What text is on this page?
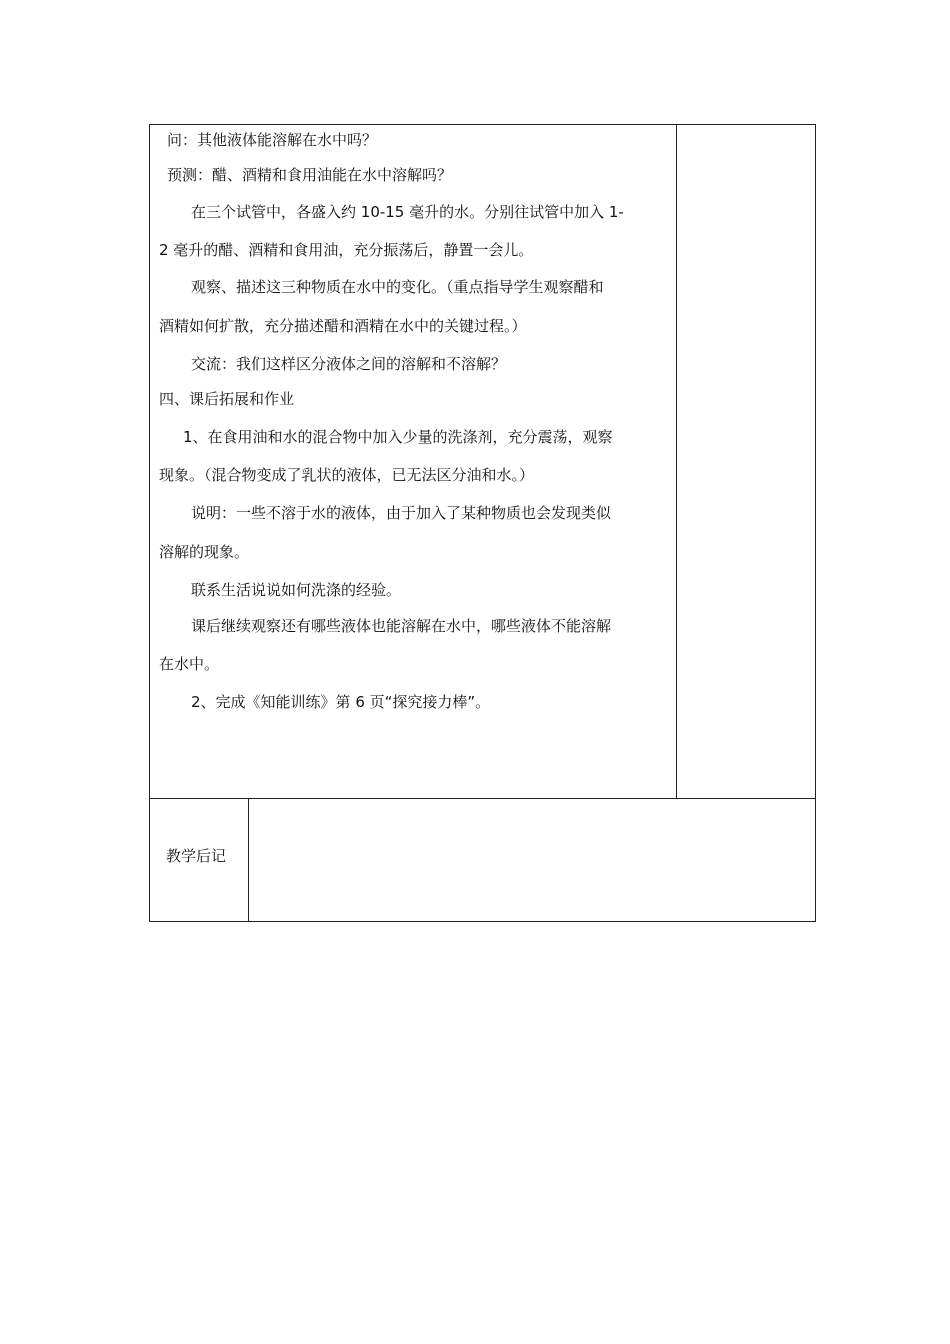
问：其他液体能溶解在水中吗？
预测：醋、酒精和食用油能在水中溶解吗？
在三个试管中，各盛入约 10-15 毫升的水。分别往试管中加入 1-
2 毫升的醋、酒精和食用油，充分振荡后，静置一会儿。
观察、描述这三种物质在水中的变化。（重点指导学生观察醋和
酒精如何扩散，充分描述醋和酒精在水中的关键过程。）
交流：我们这样区分液体之间的溶解和不溶解？
四、课后拓展和作业
1、在食用油和水的混合物中加入少量的洗涤剂，充分震荡，观察
现象。（混合物变成了乳状的液体，已无法区分油和水。）
说明：一些不溶于水的液体，由于加入了某种物质也会发现类似
溶解的现象。
联系生活说说如何洗涤的经验。
课后继续观察还有哪些液体也能溶解在水中，哪些液体不能溶解
在水中。
2、完成《知能训练》第 6 页“探究接力棒”。
教学后记
